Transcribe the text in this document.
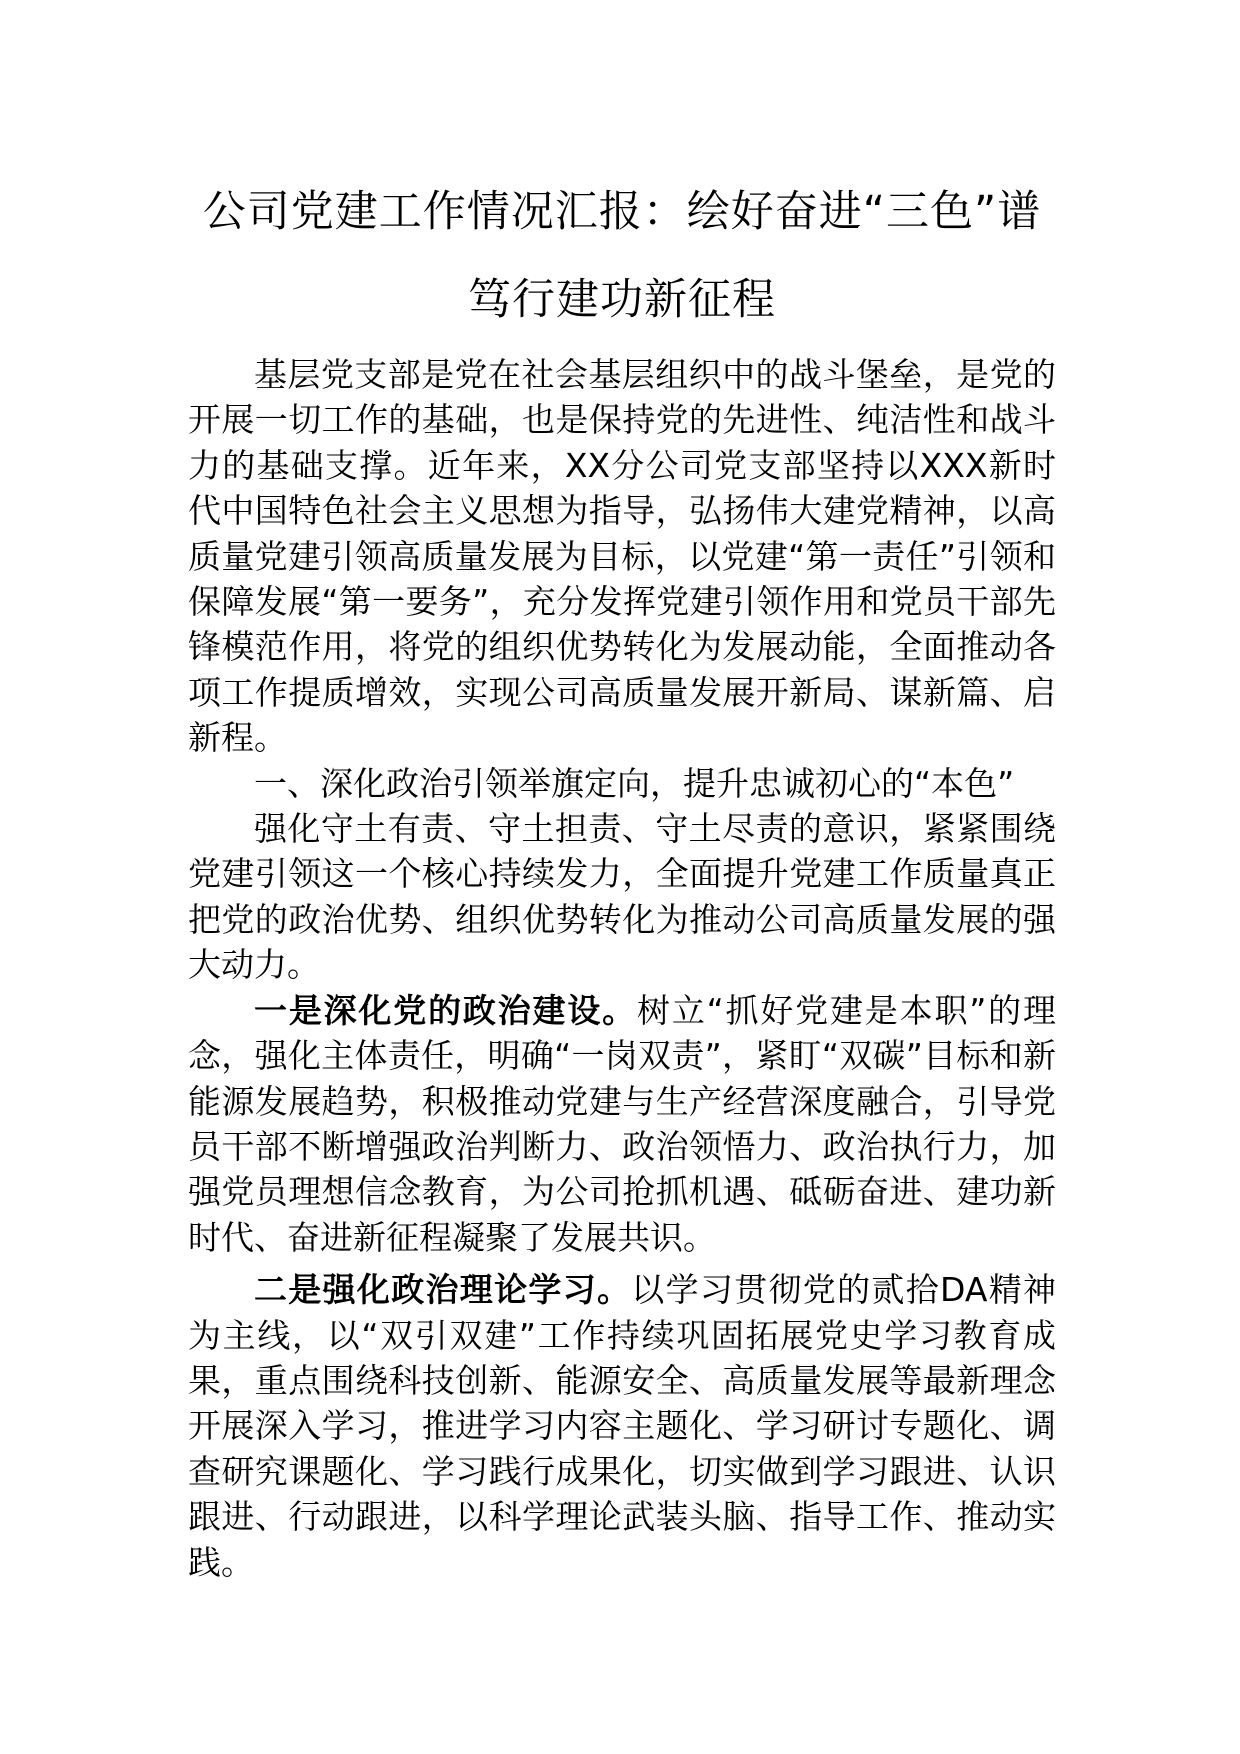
公司党建工作情况汇报：绘好奋进“三色”谱 笃行建功新征程

基层党支部是党在社会基层组织中的战斗堡垒，是党的开展一切工作的基础，也是保持党的先进性、纯洁性和战斗力的基础支撑。近年来，XX分公司党支部坚持以XXX新时代中国特色社会主义思想为指导，弘扬伟大建党精神，以高质量党建引领高质量发展为目标，以党建“第一责任”引领和保障发展“第一要务”，充分发挥党建引领作用和党员干部先锋模范作用，将党的组织优势转化为发展动能，全面推动各项工作提质增效，实现公司高质量发展开新局、谋新篇、启新程。

一、深化政治引领举旗定向，提升忠诚初心的“本色”

强化守土有责、守土担责、守土尽责的意识，紧紧围绕党建引领这一个核心持续发力，全面提升党建工作质量真正把党的政治优势、组织优势转化为推动公司高质量发展的强大动力。

一是深化党的政治建设。树立“抓好党建是本职”的理念，强化主体责任，明确“一岗双责”，紧盯“双碳”目标和新能源发展趋势，积极推动党建与生产经营深度融合，引导党员干部不断增强政治判断力、政治领悟力、政治执行力，加强党员理想信念教育，为公司抢抓机遇、砥砺奋进、建功新时代、奋进新征程凝聚了发展共识。

二是强化政治理论学习。以学习贯彻党的贰拾DA精神为主线，以“双引双建”工作持续巩固拓展党史学习教育成果，重点围绕科技创新、能源安全、高质量发展等最新理念开展深入学习，推进学习内容主题化、学习研讨专题化、调查研究课题化、学习践行成果化，切实做到学习跟进、认识跟进、行动跟进，以科学理论武装头脑、指导工作、推动实践。
